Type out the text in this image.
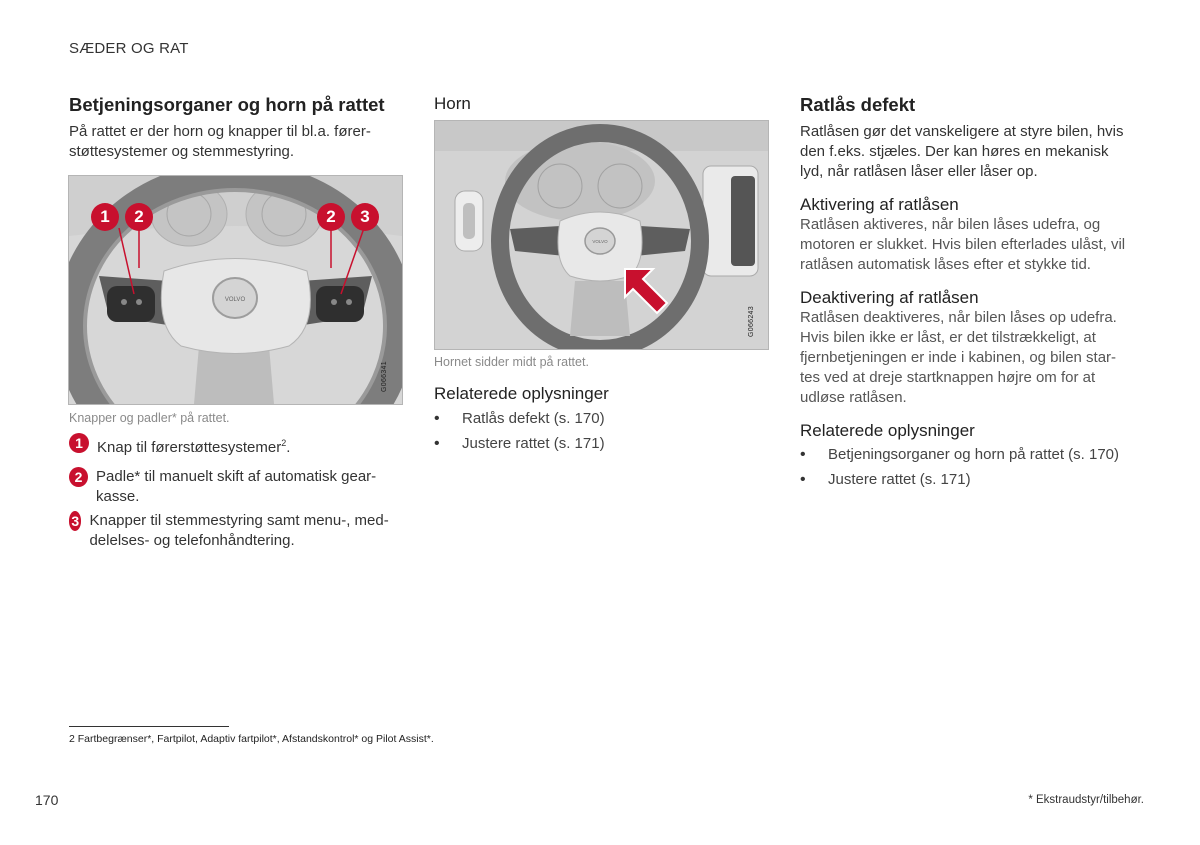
SÆDER OG RAT
Betjeningsorganer og horn på rattet

På rattet er der horn og knapper til bl.a. fører-støttesystemer og stemmestyring.

VOLVO
1	2	2	3
G066341
Knapper og padler* på rattet.
1 Knap til førerstøttesystemer$^2$.
2 Padle* til manuelt skift af automatisk gear-kasse.
3 Knapper til stemmestyring samt menu-, med-delelses- og telefonhåndtering.
Horn
VOLVO
G066243
Hornet sidder midt på rattet.
Relaterede oplysninger
• Ratlås defekt (s. 170)
• Justere rattet (s. 171)
Ratlås defekt

Ratlåsen gør det vanskeligere at styre bilen, hvis den f.eks. stjæles. Der kan høres en mekanisk lyd, når ratlåsen låser eller låser op.

Aktivering af ratlåsen

Ratlåsen aktiveres, når bilen låses udefra, og motoren er slukket. Hvis bilen efterlades ulåst, vil ratlåsen automatisk låses efter et stykke tid.

Deaktivering af ratlåsen

Ratlåsen deaktiveres, når bilen låses op udefra. Hvis bilen ikke er låst, er det tilstrækkeligt, at fjernbetjeningen er inde i kabinen, og bilen star-tes ved at dreje startknappen højre om for at udløse ratlåsen.

Relaterede oplysninger
• Betjeningsorganer og horn på rattet (s. 170)
• Justere rattet (s. 171)
2 Fartbegrænser*, Fartpilot, Adaptiv fartpilot*, Afstandskontrol* og Pilot Assist*.
170	* Ekstraudstyr/tilbehør.
